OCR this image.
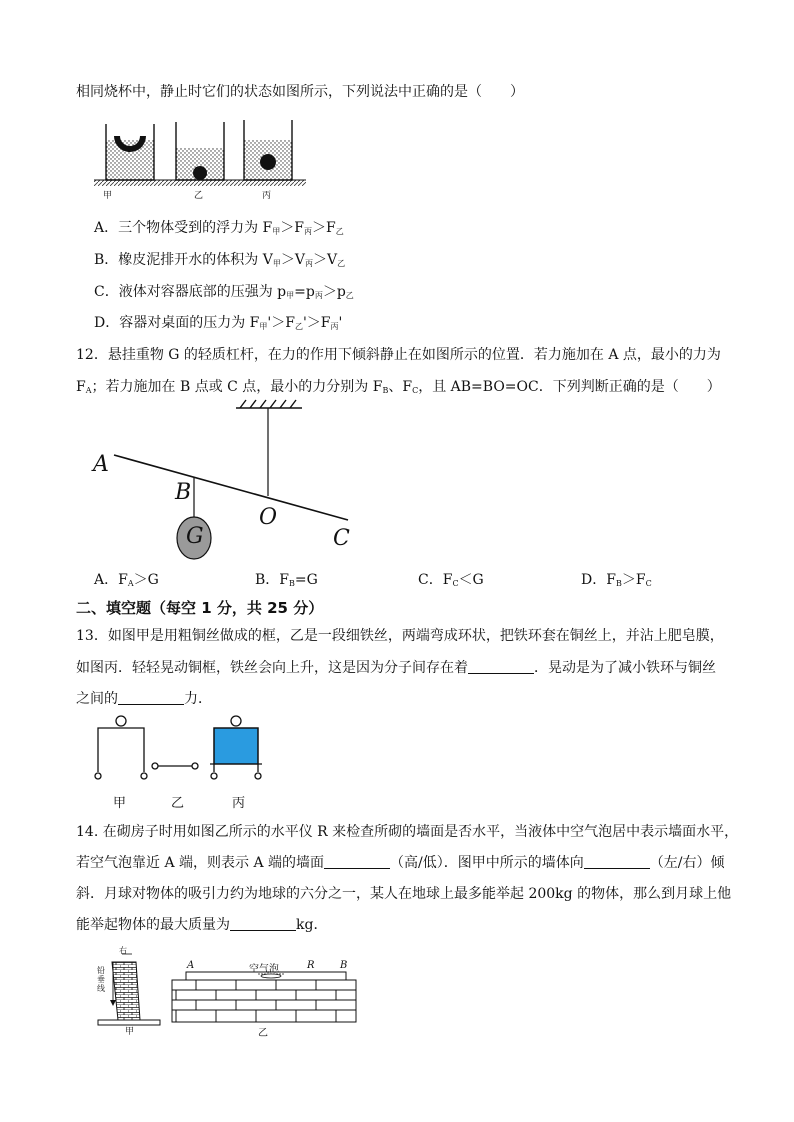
相同烧杯中，静止时它们的状态如图所示，下列说法中正确的是（　　）
甲	乙	丙
A．三个物体受到的浮力为 $F_甲>F_丙>F_乙$
B．橡皮泥排开水的体积为 $V_甲>V_丙>V_乙$
C．液体对容器底部的压强为 $p_甲=p_丙>p_乙$
D．容器对桌面的压力为 $F_甲'>F_乙'>F_丙'$
12．悬挂重物 G 的轻质杠杆，在力的作用下倾斜静止在如图所示的位置．若力施加在 A 点，最小的力为
$F_A$；若力施加在 B 点或 C 点，最小的力分别为 $F_B$、$F_C$，且 AB=BO=OC．下列判断正确的是（　　）
A
B
O
C
G
A．$F_A>G$	B．$F_B=G$	C．$F_C<G$	D．$F_B>F_C$
二、填空题（每空 1 分，共 25 分）
13．如图甲是用粗铜丝做成的框，乙是一段细铁丝，两端弯成环状，把铁环套在铜丝上，并沾上肥皂膜，
如图丙．轻轻晃动铜框，铁丝会向上升，这是因为分子间存在着	．晃动是为了减小铁环与铜丝
之间的	力．
甲	乙	丙
14. 在砌房子时用如图乙所示的水平仪 R 来检查所砌的墙面是否水平，当液体中空气泡居中表示墙面水平，
若空气泡靠近 A 端，则表示 A 端的墙面	（高/低）．图甲中所示的墙体向	（左/右）倾
斜．月球对物体的吸引力约为地球的六分之一，某人在地球上最多能举起 200kg 的物体，那么到月球上他
能举起物体的最大质量为	kg．
右
铅垂线
甲
A	空气泡	R	B
乙
